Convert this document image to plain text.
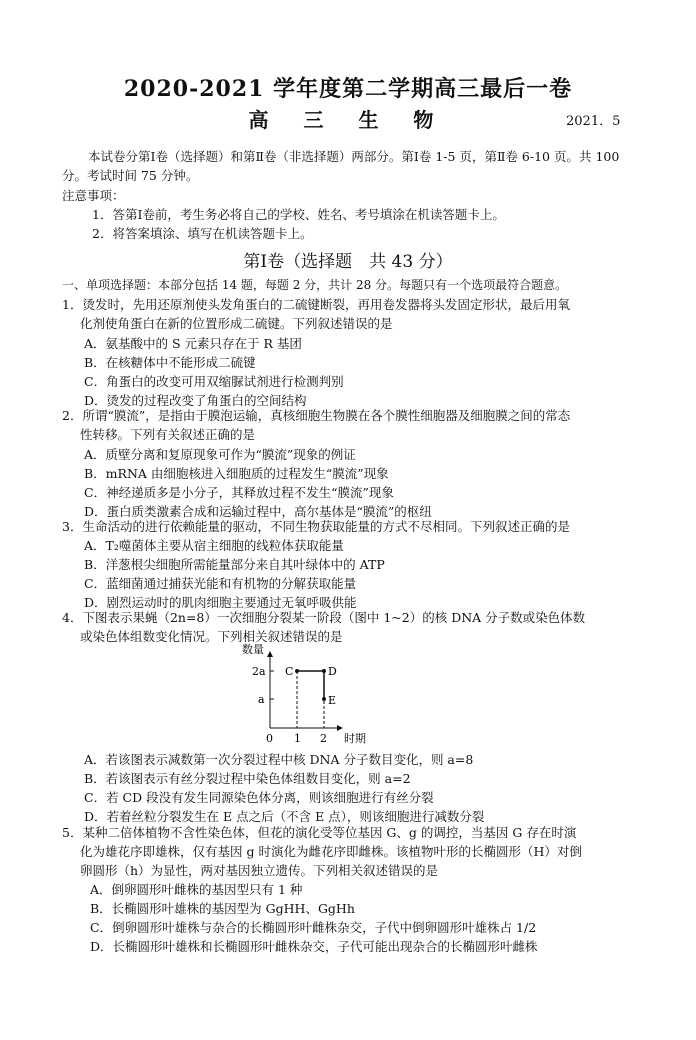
2020-2021 学年度第二学期高三最后一卷
高 三 生 物	2021．5
本试卷分第Ⅰ卷（选择题）和第Ⅱ卷（非选择题）两部分。第Ⅰ卷 1-5 页，第Ⅱ卷 6-10 页。共 100 分。考试时间 75 分钟。
注意事项：
1．答第Ⅰ卷前，考生务必将自己的学校、姓名、考号填涂在机读答题卡上。
2．将答案填涂、填写在机读答题卡上。
第Ⅰ卷（选择题　共 43 分）
一、单项选择题：本部分包括 14 题，每题 2 分，共计 28 分。每题只有一个选项最符合题意。
1．烫发时，先用还原剂使头发角蛋白的二硫键断裂，再用卷发器将头发固定形状，最后用氧
化剂使角蛋白在新的位置形成二硫键。下列叙述错误的是
A．氨基酸中的 S 元素只存在于 R 基团
B．在核糖体中不能形成二硫键
C．角蛋白的改变可用双缩脲试剂进行检测判别
D．烫发的过程改变了角蛋白的空间结构
2．所谓“膜流”，是指由于膜泡运输，真核细胞生物膜在各个膜性细胞器及细胞膜之间的常态
性转移。下列有关叙述正确的是
A．质壁分离和复原现象可作为“膜流”现象的例证
B．mRNA 由细胞核进入细胞质的过程发生“膜流”现象
C．神经递质多是小分子，其释放过程不发生“膜流”现象
D．蛋白质类激素合成和运输过程中，高尔基体是“膜流”的枢纽
3．生命活动的进行依赖能量的驱动，不同生物获取能量的方式不尽相同。下列叙述正确的是
A．T₂噬菌体主要从宿主细胞的线粒体获取能量
B．洋葱根尖细胞所需能量部分来自其叶绿体中的 ATP
C．蓝细菌通过捕获光能和有机物的分解获取能量
D．剧烈运动时的肌肉细胞主要通过无氧呼吸供能
4．下图表示果蝇（2n=8）一次细胞分裂某一阶段（图中 1~2）的核 DNA 分子数或染色体数
或染色体组数变化情况。下列相关叙述错误的是
数量
时期
2a
a
0 1 2
C	D
E
A．若该图表示减数第一次分裂过程中核 DNA 分子数目变化，则 a=8
B．若该图表示有丝分裂过程中染色体组数目变化，则 a=2
C．若 CD 段没有发生同源染色体分离，则该细胞进行有丝分裂
D．若着丝粒分裂发生在 E 点之后（不含 E 点），则该细胞进行减数分裂
5．某种二倍体植物不含性染色体，但花的演化受等位基因 G、g 的调控，当基因 G 存在时演
化为雄花序即雄株，仅有基因 g 时演化为雌花序即雌株。该植物叶形的长椭圆形（H）对倒
卵圆形（h）为显性，两对基因独立遗传。下列相关叙述错误的是
A．倒卵圆形叶雌株的基因型只有 1 种
B．长椭圆形叶雄株的基因型为 GgHH、GgHh
C．倒卵圆形叶雄株与杂合的长椭圆形叶雌株杂交，子代中倒卵圆形叶雄株占 1/2
D．长椭圆形叶雄株和长椭圆形叶雌株杂交，子代可能出现杂合的长椭圆形叶雌株
